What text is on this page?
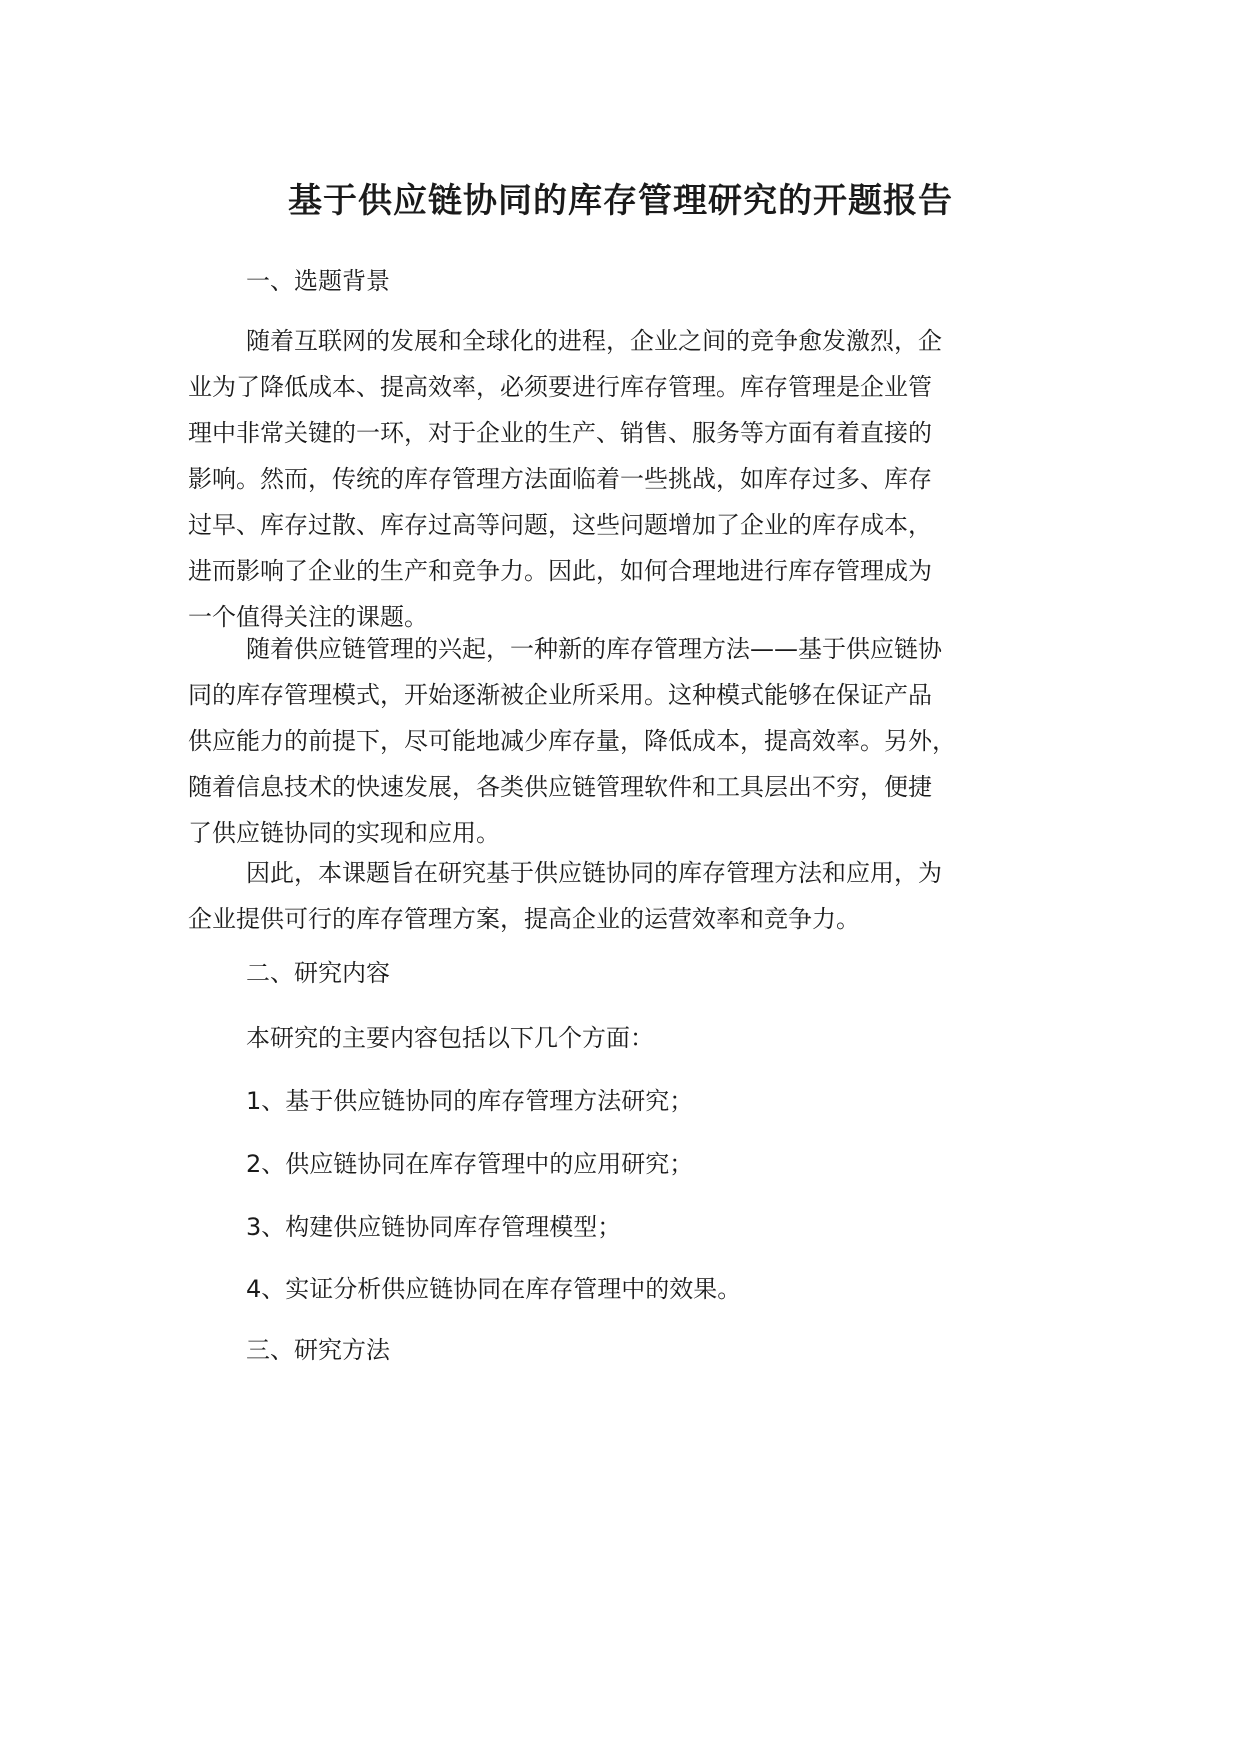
基于供应链协同的库存管理研究的开题报告
一、选题背景
随着互联网的发展和全球化的进程，企业之间的竞争愈发激烈，企
业为了降低成本、提高效率，必须要进行库存管理。库存管理是企业管
理中非常关键的一环，对于企业的生产、销售、服务等方面有着直接的
影响。然而，传统的库存管理方法面临着一些挑战，如库存过多、库存
过早、库存过散、库存过高等问题，这些问题增加了企业的库存成本，
进而影响了企业的生产和竞争力。因此，如何合理地进行库存管理成为
一个值得关注的课题。
随着供应链管理的兴起，一种新的库存管理方法——基于供应链协
同的库存管理模式，开始逐渐被企业所采用。这种模式能够在保证产品
供应能力的前提下，尽可能地减少库存量，降低成本，提高效率。另外，
随着信息技术的快速发展，各类供应链管理软件和工具层出不穷，便捷
了供应链协同的实现和应用。
因此，本课题旨在研究基于供应链协同的库存管理方法和应用，为
企业提供可行的库存管理方案，提高企业的运营效率和竞争力。
二、研究内容
本研究的主要内容包括以下几个方面：
1、基于供应链协同的库存管理方法研究；
2、供应链协同在库存管理中的应用研究；
3、构建供应链协同库存管理模型；
4、实证分析供应链协同在库存管理中的效果。
三、研究方法
